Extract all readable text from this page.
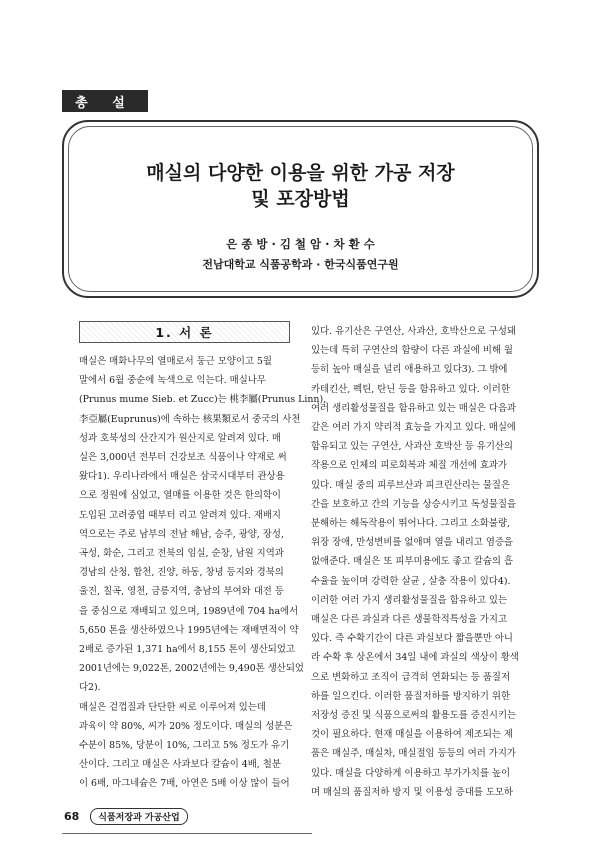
총 설
매실의 다양한 이용을 위한 가공 저장
및 포장방법
은 종 방 · 김 철 암 · 차 환 수
전남대학교 식품공학과 · 한국식품연구원
1. 서 론

매실은 매화나무의 열매로서 둥근 모양이고 5월

말에서 6월 중순에 녹색으로 익는다. 매실나무

(Prunus mume Sieb. et Zucc)는 桃李屬(Prunus Linn),

李亞屬(Euprunus)에 속하는 核果類로서 중국의 사천

성과 호북성의 산간지가 원산지로 알려져 있다. 매

실은 3,000년 전부터 건강보조 식품이나 약재로 써

왔다1). 우리나라에서 매실은 삼국시대부터 관상용

으로 정원에 심었고, 열매를 이용한 것은 한의학이

도입된 고려중엽 때부터 리고 알려져 있다. 재배지

역으로는 주로 남부의 전남 해남, 승주, 광양, 장성,

곡성, 화순, 그리고 전북의 임실, 순창, 남원 지역과

경남의 산청, 합천, 진양, 하동, 창녕 등지와 경북의

울진, 칠곡, 영천, 금릉지역, 충남의 부여와 대전 등

을 중심으로 재배되고 있으며, 1989년에 704 ha에서

5,650 톤을 생산하였으나 1995년에는 재배면적이 약

2배로 증가된 1,371 ha에서 8,155 톤이 생산되었고

2001년에는 9,022톤, 2002년에는 9,490톤 생산되었

다2).

매실은 겉껍질과 단단한 씨로 이루어져 있는데

과육이 약 80%, 씨가 20% 정도이다. 매실의 성분은

수분이 85%, 당분이 10%, 그리고 5% 정도가 유기

산이다. 그리고 매실은 사과보다 칼슘이 4배, 철분

이 6배, 마그네슘은 7배, 아연은 5배 이상 많이 들어

있다. 유기산은 구연산, 사과산, 호박산으로 구성돼

있는데 특히 구연산의 함량이 다른 과실에 비해 월

등히 높아 매실을 널리 애용하고 있다3). 그 밖에

카테킨산, 펙틴, 탄닌 등을 함유하고 있다. 이러한

여러 생리활성물질을 함유하고 있는 매실은 다음과

같은 여러 가지 약리적 효능을 가지고 있다. 매실에

함유되고 있는 구연산, 사과산 호박산 등 유기산의

작용으로 인체의 피로회복과 체질 개선에 효과가

있다. 매실 중의 피루브산과 피크린산리는 물질은

간을 보호하고 간의 기능을 상승시키고 독성물질을

분해하는 해독작용이 뛰어나다. 그리고 소화불량,

위장 장애, 만성변비를 없애며 열을 내리고 염증을

없애준다. 매실은 또 피부미용에도 좋고 칼슘의 흡

수율을 높이며 강력한 살균 , 살충 작용이 있다4).

이러한 여러 가지 생리활성물질을 함유하고 있는

매실은 다른 과실과 다른 생물학적특성을 가지고

있다. 즉 수확기간이 다른 과실보다 짧을뿐만 아니

라 수확 후 상온에서 34일 내에 과실의 색상이 황색

으로 변화하고 조직이 급격히 연화되는 등 품질저

하를 일으킨다. 이러한 품질저하를 방지하기 위한

저장성 증진 및 식품으로써의 활용도를 증진시키는

것이 필요하다. 현재 매실을 이용하여 제조되는 제

품은 매실주, 매실차, 매실절임 등등의 여러 가지가

있다. 매실을 다양하게 이용하고 부가가치를 높이

며 매실의 품질저하 방지 및 이용성 증대를 도모하

68	식품저장과 가공산업
